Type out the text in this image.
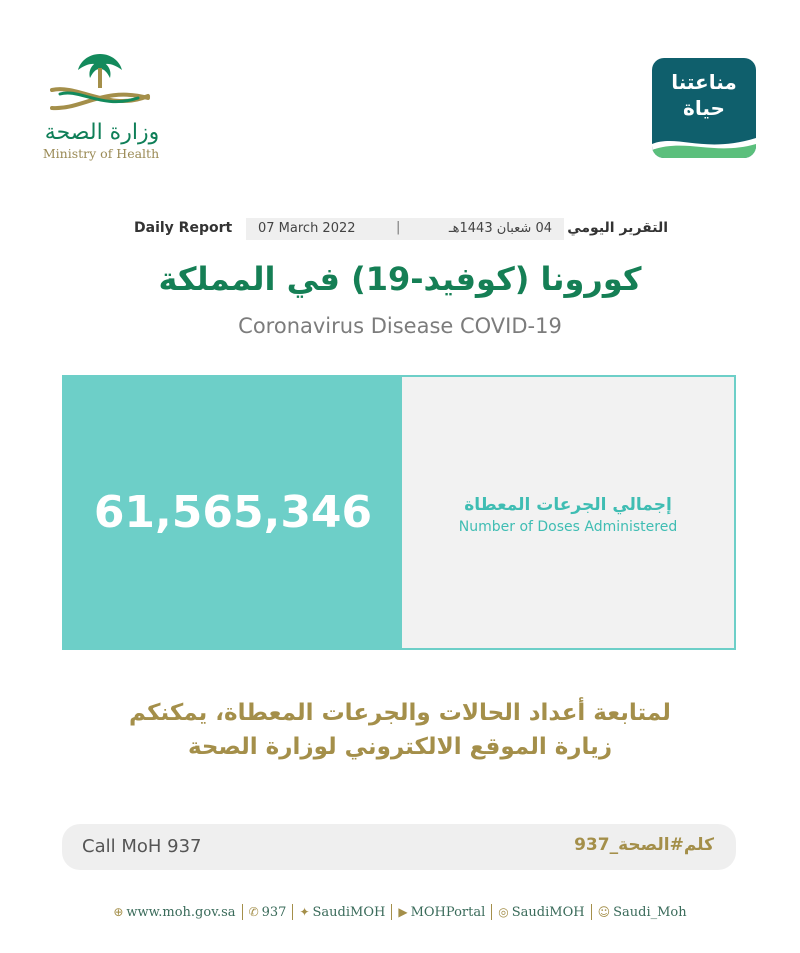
وزارة الصحة
Ministry of Health
مناعتنا
حياة
Daily Report 07 March 2022	|	04 شعبان 1443هـ التقرير اليومي
كورونا (كوفيد-19) في المملكة
Coronavirus Disease COVID-19
61,565,346	إجمالي الجرعات المعطاة
Number of Doses Administered
لمتابعة أعداد الحالات والجرعات المعطاة، يمكنكم
زيارة الموقع الالكتروني لوزارة الصحة
Call MoH 937	كلم#الصحة_937
⊕ www.moh.gov.sa ✆ 937 ✦ SaudiMOH ▶ MOHPortal ◎ SaudiMOH ☺ Saudi_Moh
